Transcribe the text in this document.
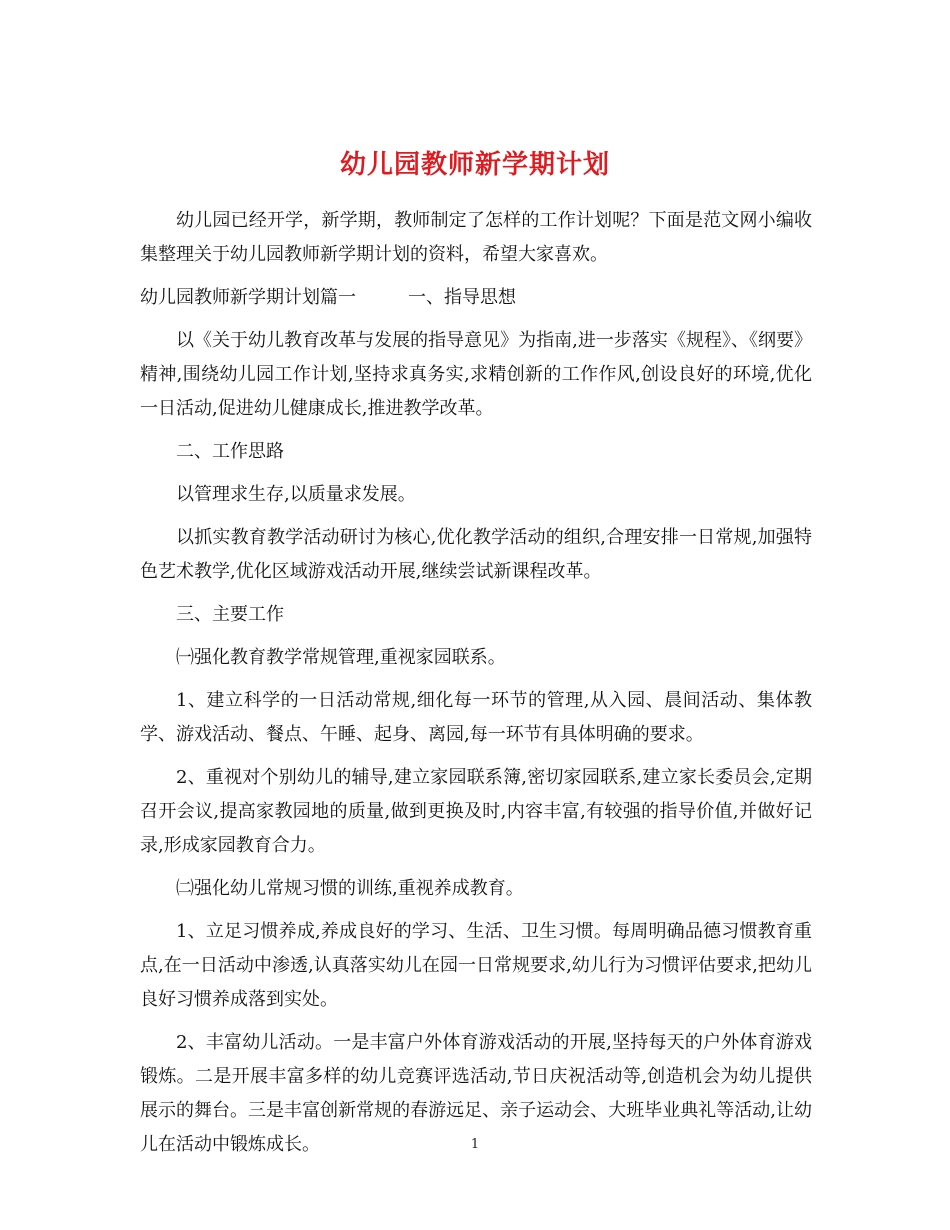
幼儿园教师新学期计划

幼儿园已经开学，新学期，教师制定了怎样的工作计划呢？下面是范文网小编收集整理关于幼儿园教师新学期计划的资料，希望大家喜欢。

幼儿园教师新学期计划篇一	一、指导思想

以《关于幼儿教育改革与发展的指导意见》为指南,进一步落实《规程》、《纲要》精神,围绕幼儿园工作计划,坚持求真务实,求精创新的工作作风,创设良好的环境,优化一日活动,促进幼儿健康成长,推进教学改革。

二、工作思路

以管理求生存,以质量求发展。

以抓实教育教学活动研讨为核心,优化教学活动的组织,合理安排一日常规,加强特色艺术教学,优化区域游戏活动开展,继续尝试新课程改革。

三、主要工作

㈠强化教育教学常规管理,重视家园联系。

1、建立科学的一日活动常规,细化每一环节的管理,从入园、晨间活动、集体教学、游戏活动、餐点、午睡、起身、离园,每一环节有具体明确的要求。

2、重视对个别幼儿的辅导,建立家园联系簿,密切家园联系,建立家长委员会,定期召开会议,提高家教园地的质量,做到更换及时,内容丰富,有较强的指导价值,并做好记录,形成家园教育合力。

㈡强化幼儿常规习惯的训练,重视养成教育。

1、立足习惯养成,养成良好的学习、生活、卫生习惯。每周明确品德习惯教育重点,在一日活动中渗透,认真落实幼儿在园一日常规要求,幼儿行为习惯评估要求,把幼儿良好习惯养成落到实处。

2、丰富幼儿活动。一是丰富户外体育游戏活动的开展,坚持每天的户外体育游戏锻炼。二是开展丰富多样的幼儿竞赛评选活动,节日庆祝活动等,创造机会为幼儿提供展示的舞台。三是丰富创新常规的春游远足、亲子运动会、大班毕业典礼等活动,让幼儿在活动中锻炼成长。	1
